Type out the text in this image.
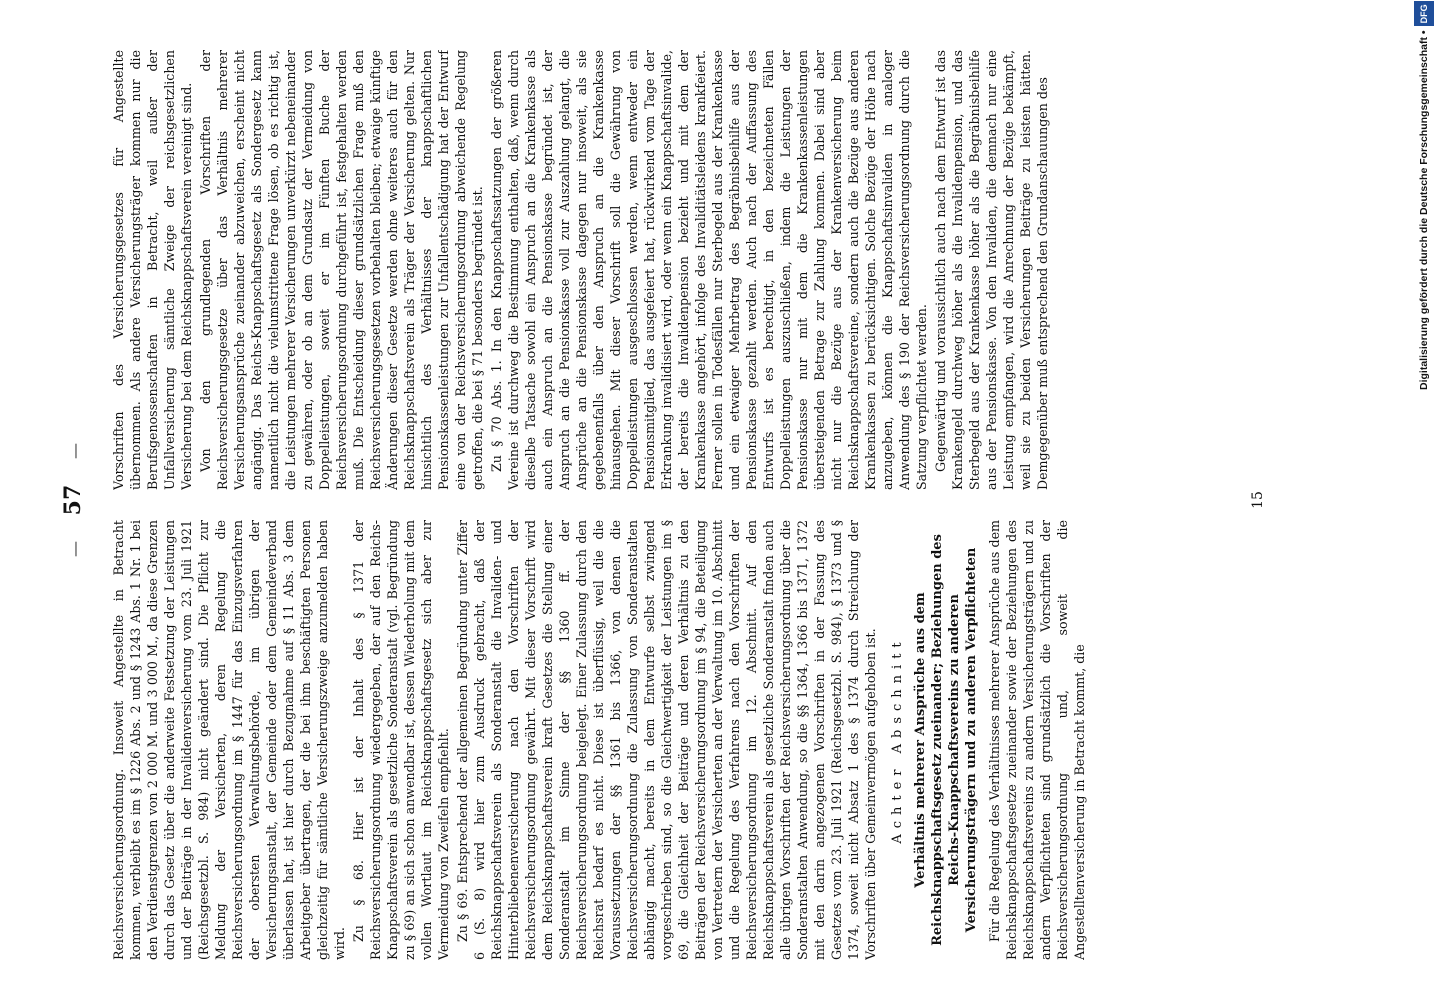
— 57 —

Reichsversicherungsordnung. Insoweit Angestellte in Betracht kommen, verbleibt es im § 1226 Abs. 2 und § 1243 Abs. 1 Nr. 1 bei den Verdienstgrenzen von 2 000 M. und 3 000 M., da diese Grenzen durch das Gesetz über die anderweite Festsetzung der Leistungen und der Beiträge in der Invalidenversicherung vom 23. Juli 1921 (Reichsgesetzbl. S. 984) nicht geändert sind. Die Pflicht zur Meldung der Versicherten, deren Regelung die Reichsversicherungsordnung im § 1447 für das Einzugsverfahren der obersten Verwaltungsbehörde, im übrigen der Versicherungsanstalt, der Gemeinde oder dem Gemeindeverband überlassen hat, ist hier durch Bezugnahme auf § 11 Abs. 3 dem Arbeitgeber übertragen, der die bei ihm beschäftigten Personen gleichzeitig für sämtliche Versicherungszweige anzumelden haben wird.

Zu § 68. Hier ist der Inhalt des § 1371 der Reichsversicherungsordnung wiedergegeben, der auf den Reichs-Knappschaftsverein als gesetzliche Sonderanstalt (vgl. Begründung zu § 69) an sich schon anwendbar ist, dessen Wiederholung mit dem vollen Wortlaut im Reichsknappschaftsgesetz sich aber zur Vermeidung von Zweifeln empfiehlt. Zu § 69. Entsprechend der allgemeinen Begründung unter Ziffer 6 (S. 8) wird hier zum Ausdruck gebracht, daß der Reichsknappschaftsverein als Sonderanstalt die Invaliden- und Hinterbliebenenversicherung nach den Vorschriften der Reichsversicherungsordnung gewährt. Mit dieser Vorschrift wird dem Reichsknappschaftsverein kraft Gesetzes die Stellung einer Sonderanstalt im Sinne der §§ 1360 ff. der Reichsversicherungsordnung beigelegt. Einer Zulassung durch den Reichsrat bedarf es nicht. Diese ist überflüssig, weil die die Voraussetzungen der §§ 1361 bis 1366, von denen die Reichsversicherungsordnung die Zulassung von Sonderanstalten abhängig macht, bereits in dem Entwurfe selbst zwingend vorgeschrieben sind, so die Gleichwertigkeit der Leistungen im § 69, die Gleichheit der Beiträge und deren Verhältnis zu den Beiträgen der Reichsversicherungsordnung im § 94, die Beteiligung von Vertretern der Versicherten an der Verwaltung im 10. Abschnitt und die Regelung des Verfahrens nach den Vorschriften der Reichsversicherungsordnung im 12. Abschnitt. Auf den Reichsknappschaftsverein als gesetzliche Sonderanstalt finden auch alle übrigen Vorschriften der Reichsversicherungsordnung über die Sonderanstalten Anwendung, so die §§ 1364, 1366 bis 1371, 1372 mit den darin angezogenen Vorschriften in der Fassung des Gesetzes vom 23. Juli 1921 (Reichsgesetzbl. S. 984), § 1373 und § 1374, soweit nicht Absatz 1 des § 1374 durch Streichung der Vorschriften über Gemeinvermögen aufgehoben ist. Achter Abschnitt Verhältnis mehrerer Ansprüche aus dem Reichsknappschaftsgesetz zueinander; Beziehungen des Reichs-Knappschaftsvereins zu anderen Versicherungsträgern und zu anderen Verpflichteten Für die Regelung des Verhältnisses mehrerer Ansprüche aus dem Reichsknappschaftsgesetze zueinander sowie der Beziehungen des Reichsknappschaftsvereins zu andern Versicherungsträgern und zu andern Verpflichteten sind grundsätzlich die Vorschriften der Reichsversicherungsordnung und, soweit die Angestelltenversicherung in Betracht kommt, die

Vorschriften des Versicherungsgesetzes für Angestellte übernommen. Als andere Versicherungsträger kommen nur die Berufsgenossenschaften in Betracht, weil außer der Unfallversicherung sämtliche Zweige der reichsgesetzlichen Versicherung bei dem Reichsknappschaftsverein vereinigt sind. Von den grundlegenden Vorschriften der Reichsversicherungsgesetze über das Verhältnis mehrerer Versicherungsansprüche zueinander abzuweichen, erscheint nicht angängig. Das Reichs-Knappschaftsgesetz als Sondergesetz kann namentlich nicht die vielumstrittene Frage lösen, ob es richtig ist, die Leistungen mehrerer Versicherungen unverkürzt nebeneinander zu gewähren, oder ob an dem Grundsatz der Vermeidung von Doppelleistungen, soweit er im Fünften Buche der Reichsversicherungsordnung durchgeführt ist, festgehalten werden muß. Die Entscheidung dieser grundsätzlichen Frage muß den Reichsversicherungsgesetzen vorbehalten bleiben; etwaige künftige Änderungen dieser Gesetze werden ohne weiteres auch für den Reichsknappschaftsverein als Träger der Versicherung gelten. Nur hinsichtlich des Verhältnisses der knappschaftlichen Pensionskassenleistungen zur Unfallentschädigung hat der Entwurf eine von der Reichsversicherungsordnung abweichende Regelung getroffen, die bei § 71 besonders begründet ist. Zu § 70 Abs. 1. In den Knappschaftssatzungen der größeren Vereine ist durchweg die Bestimmung enthalten, daß, wenn durch dieselbe Tatsache sowohl ein Anspruch an die Krankenkasse als auch ein Anspruch an die Pensionskasse begründet ist, der Anspruch an die Pensionskasse voll zur Auszahlung gelangt, die Ansprüche an die Pensionskasse dagegen nur insoweit, als sie gegebenenfalls über den Anspruch an die Krankenkasse hinausgehen. Mit dieser Vorschrift soll die Gewährung von Doppelleistungen ausgeschlossen werden, wenn entweder ein Pensionsmitglied, das ausgefeiert hat, rückwirkend vom Tage der Erkrankung invalidisiert wird, oder wenn ein Knappschaftsinvalide, der bereits die Invalidenpension bezieht und mit dem der Krankenkasse angehört, infolge des Invaliditätsleidens krankfeiert. Ferner sollen in Todesfällen nur Sterbegeld aus der Krankenkasse und ein etwaiger Mehrbetrag des Begräbnisbeihilfe aus der Pensionskasse gezahlt werden. Auch nach der Auffassung des Entwurfs ist es berechtigt, in den bezeichneten Fällen Doppelleistungen auszuschließen, indem die Leistungen der Pensionskasse nur mit dem die Krankenkassenleistungen übersteigenden Betrage zur Zahlung kommen. Dabei sind aber nicht nur die Bezüge aus der Krankenversicherung beim Reichsknappschaftsvereine, sondern auch die Bezüge aus anderen Krankenkassen zu berücksichtigen. Solche Bezüge der Höhe nach anzugeben, können die Knappschaftsinvaliden in analoger Anwendung des § 190 der Reichsversicherungsordnung durch die Satzung verpflichtet werden. Gegenwärtig und voraussichtlich auch nach dem Entwurf ist das Krankengeld durchweg höher als die Invalidenpension, und das Sterbegeld aus der Krankenkasse höher als die Begräbnisbeihilfe aus der Pensionskasse. Von den Invaliden, die demnach nur eine Leistung empfangen, wird die Anrechnung der Bezüge bekämpft, weil sie zu beiden Versicherungen Beiträge zu leisten hätten. Demgegenüber muß entsprechend den Grundanschauungen des

15
Digitalisierung gefördert durch die Deutsche Forschungsgemeinschaft •DFG
